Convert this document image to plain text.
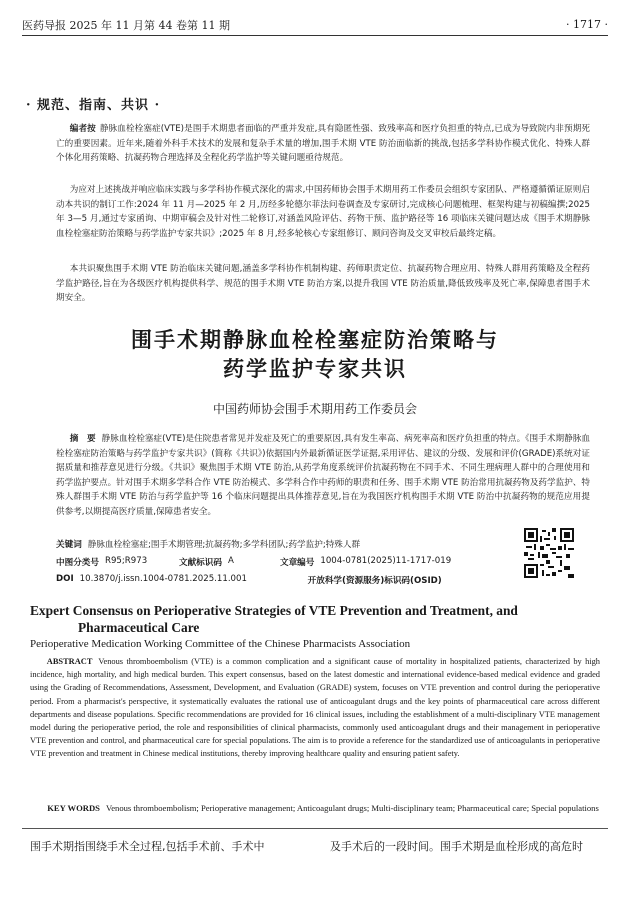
医药导报 2025 年 11 月第 44 卷第 11 期	· 1717 ·
· 规范、指南、共识 ·
编者按 静脉血栓栓塞症(VTE)是围手术期患者面临的严重并发症,具有隐匿性强、致残率高和医疗负担重的特点,已成为导致院内非预期死亡的重要因素。近年来,随着外科手术技术的发展和复杂手术量的增加,围手术期 VTE 防治面临新的挑战,包括多学科协作模式优化、特殊人群个体化用药策略、抗凝药物合理选择及全程化药学监护等关键问题亟待规范。
为应对上述挑战并响应临床实践与多学科协作模式深化的需求,中国药师协会围手术期用药工作委员会组织专家团队、严格遵循循证原则启动本共识的制订工作:2024 年 11 月—2025 年 2 月,历经多轮德尔菲法问卷调查及专家研讨,完成核心问题梳理、框架构建与初稿编撰;2025 年 3—5 月,通过专家函询、中期审稿会及针对性二轮修订,对涵盖风险评估、药物干预、监护路径等 16 项临床关键问题达成《围手术期静脉血栓栓塞症防治策略与药学监护专家共识》;2025 年 8 月,经多轮核心专家组修订、顾问咨询及交叉审校后最终定稿。
本共识聚焦围手术期 VTE 防治临床关键问题,涵盖多学科协作机制构建、药师职责定位、抗凝药物合理应用、特殊人群用药策略及全程药学监护路径,旨在为各级医疗机构提供科学、规范的围手术期 VTE 防治方案,以提升我国 VTE 防治质量,降低致残率及死亡率,保障患者围手术期安全。
围手术期静脉血栓栓塞症防治策略与
药学监护专家共识
中国药师协会围手术期用药工作委员会
摘　要 静脉血栓栓塞症(VTE)是住院患者常见并发症及死亡的重要原因,具有发生率高、病死率高和医疗负担重的特点。《围手术期静脉血栓栓塞症防治策略与药学监护专家共识》(简称《共识》)依据国内外最新循证医学证据,采用评估、建议的分级、发展和评价(GRADE)系统对证据质量和推荐意见进行分级。《共识》聚焦围手术期 VTE 防治,从药学角度系统评价抗凝药物在不同手术、不同生理病理人群中的合理使用和药学监护要点。针对围手术期多学科合作 VTE 防治模式、多学科合作中药师的职责和任务、围手术期 VTE 防治常用抗凝药物及药学监护、特殊人群围手术期 VTE 防治与药学监护等 16 个临床问题提出具体推荐意见,旨在为我国医疗机构围手术期 VTE 防治中抗凝药物的规范应用提供参考,以期提高医疗质量,保障患者安全。
关键词 静脉血栓栓塞症;围手术期管理;抗凝药物;多学科团队;药学监护;特殊人群
中图分类号 R95;R973	文献标识码 A	文章编号 1004-0781(2025)11-1717-019
DOI 10.3870/j.issn.1004-0781.2025.11.001	开放科学(资源服务)标识码(OSID)
Expert Consensus on Perioperative Strategies of VTE Prevention and Treatment, and
Pharmaceutical Care
Perioperative Medication Working Committee of the Chinese Pharmacists Association
ABSTRACT Venous thromboembolism (VTE) is a common complication and a significant cause of mortality in hospitalized patients, characterized by high incidence, high mortality, and high medical burden. This expert consensus, based on the latest domestic and international evidence-based medical evidence and graded using the Grading of Recommendations, Assessment, Development, and Evaluation (GRADE) system, focuses on VTE prevention and control during the perioperative period. From a pharmacist's perspective, it systematically evaluates the rational use of anticoagulant drugs and the key points of pharmaceutical care across different departments and disease populations. Specific recommendations are provided for 16 clinical issues, including the establishment of a multi-disciplinary VTE management model during the perioperative period, the role and responsibilities of clinical pharmacists, commonly used anticoagulant drugs and their management in perioperative VTE prevention and control, and pharmaceutical care for special populations. The aim is to provide a reference for the standardized use of anticoagulants in perioperative VTE prevention and treatment in Chinese medical institutions, thereby improving healthcare quality and ensuring patient safety.
KEY WORDS Venous thromboembolism; Perioperative management; Anticoagulant drugs; Multi-disciplinary team; Pharmaceutical care; Special populations
围手术期指围绕手术全过程,包括手术前、手术中	及手术后的一段时间。围手术期是血栓形成的高危时
